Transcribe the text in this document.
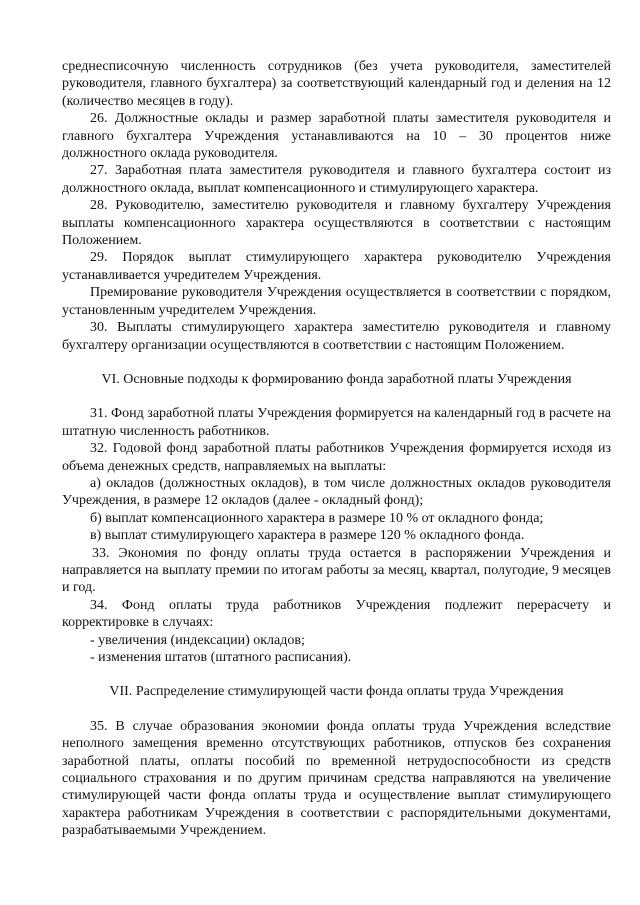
среднесписочную численность сотрудников (без учета руководителя, заместителей руководителя, главного бухгалтера) за соответствующий календарный год и деления на 12 (количество месяцев в году).

26. Должностные оклады и размер заработной платы заместителя руководителя и главного бухгалтера Учреждения устанавливаются на 10 – 30 процентов ниже должностного оклада руководителя.

27. Заработная плата заместителя руководителя и главного бухгалтера состоит из должностного оклада, выплат компенсационного и стимулирующего характера.

28. Руководителю, заместителю руководителя и главному бухгалтеру Учреждения выплаты компенсационного характера осуществляются в соответствии с настоящим Положением.

29. Порядок выплат стимулирующего характера руководителю Учреждения устанавливается учредителем Учреждения.

Премирование руководителя Учреждения осуществляется в соответствии с порядком, установленным учредителем Учреждения.

30. Выплаты стимулирующего характера заместителю руководителя и главному бухгалтеру организации осуществляются в соответствии с настоящим Положением.

VI. Основные подходы к формированию фонда заработной платы Учреждения

31. Фонд заработной платы Учреждения формируется на календарный год в расчете на штатную численность работников.

32. Годовой фонд заработной платы работников Учреждения формируется исходя из объема денежных средств, направляемых на выплаты:

а) окладов (должностных окладов), в том числе должностных окладов руководителя Учреждения, в размере 12 окладов (далее - окладный фонд);

б) выплат компенсационного характера в размере 10 % от окладного фонда;

в) выплат стимулирующего характера в размере 120 % окладного фонда.

33. Экономия по фонду оплаты труда остается в распоряжении Учреждения и направляется на выплату премии по итогам работы за месяц, квартал, полугодие, 9 месяцев и год.

34. Фонд оплаты труда работников Учреждения подлежит перерасчету и корректировке в случаях:

- увеличения (индексации) окладов;

- изменения штатов (штатного расписания).

VII. Распределение стимулирующей части фонда оплаты труда Учреждения

35. В случае образования экономии фонда оплаты труда Учреждения вследствие неполного замещения временно отсутствующих работников, отпусков без сохранения заработной платы, оплаты пособий по временной нетрудоспособности из средств социального страхования и по другим причинам средства направляются на увеличение стимулирующей части фонда оплаты труда и осуществление выплат стимулирующего характера работникам Учреждения в соответствии с распорядительными документами, разрабатываемыми Учреждением.
